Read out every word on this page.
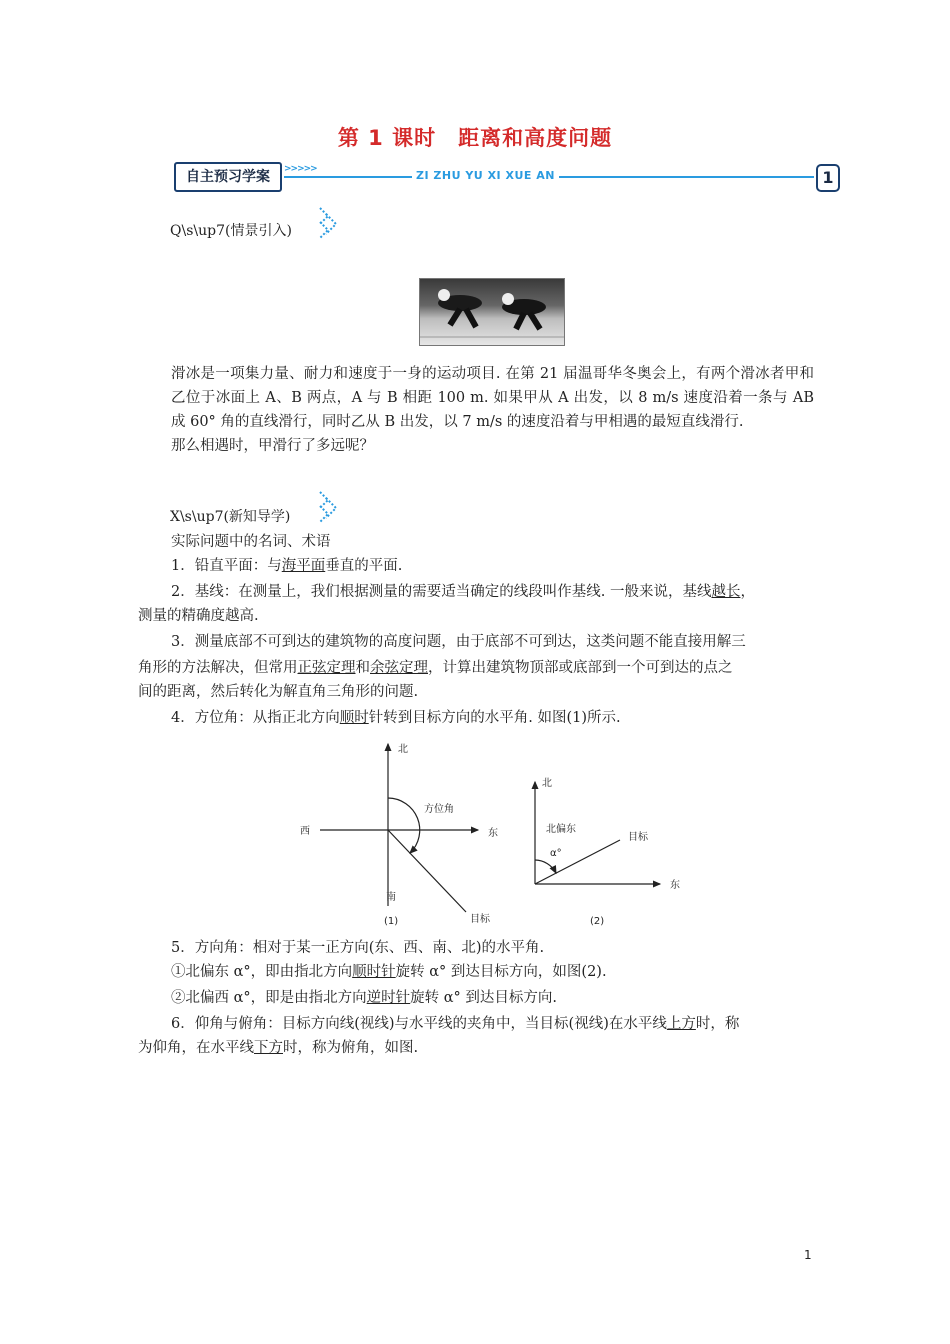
第 1 课时　距离和高度问题
自主预习学案	>>>>>	ZI ZHU YU XI XUE AN	1
Q\s\up7(情景引入)
滑冰是一项集力量、耐力和速度于一身的运动项目. 在第 21 届温哥华冬奥会上，有两个滑冰者甲和乙位于冰面上 A、B 两点，A 与 B 相距 100 m. 如果甲从 A 出发，以 8 m/s 速度沿着一条与 AB 成 60° 角的直线滑行，同时乙从 B 出发，以 7 m/s 的速度沿着与甲相遇的最短直线滑行.
那么相遇时，甲滑行了多远呢？
X\s\up7(新知导学)
实际问题中的名词、术语
1．铅直平面：与海平面垂直的平面.
2．基线：在测量上，我们根据测量的需要适当确定的线段叫作基线. 一般来说，基线越长，
测量的精确度越高.
3．测量底部不可到达的建筑物的高度问题，由于底部不可到达，这类问题不能直接用解三
角形的方法解决，但常用正弦定理和余弦定理，计算出建筑物顶部或底部到一个可到达的点之
间的距离，然后转化为解直角三角形的问题.
4．方位角：从指正北方向顺时针转到目标方向的水平角. 如图(1)所示.
北
西	东
南
方位角
目标
(1)
北
北偏东
α°
目标
东
(2)
5．方向角：相对于某一正方向(东、西、南、北)的水平角.
①北偏东 α°，即由指北方向顺时针旋转 α° 到达目标方向，如图(2).
②北偏西 α°，即是由指北方向逆时针旋转 α° 到达目标方向.
6．仰角与俯角：目标方向线(视线)与水平线的夹角中，当目标(视线)在水平线上方时，称
为仰角，在水平线下方时，称为俯角，如图.
1
